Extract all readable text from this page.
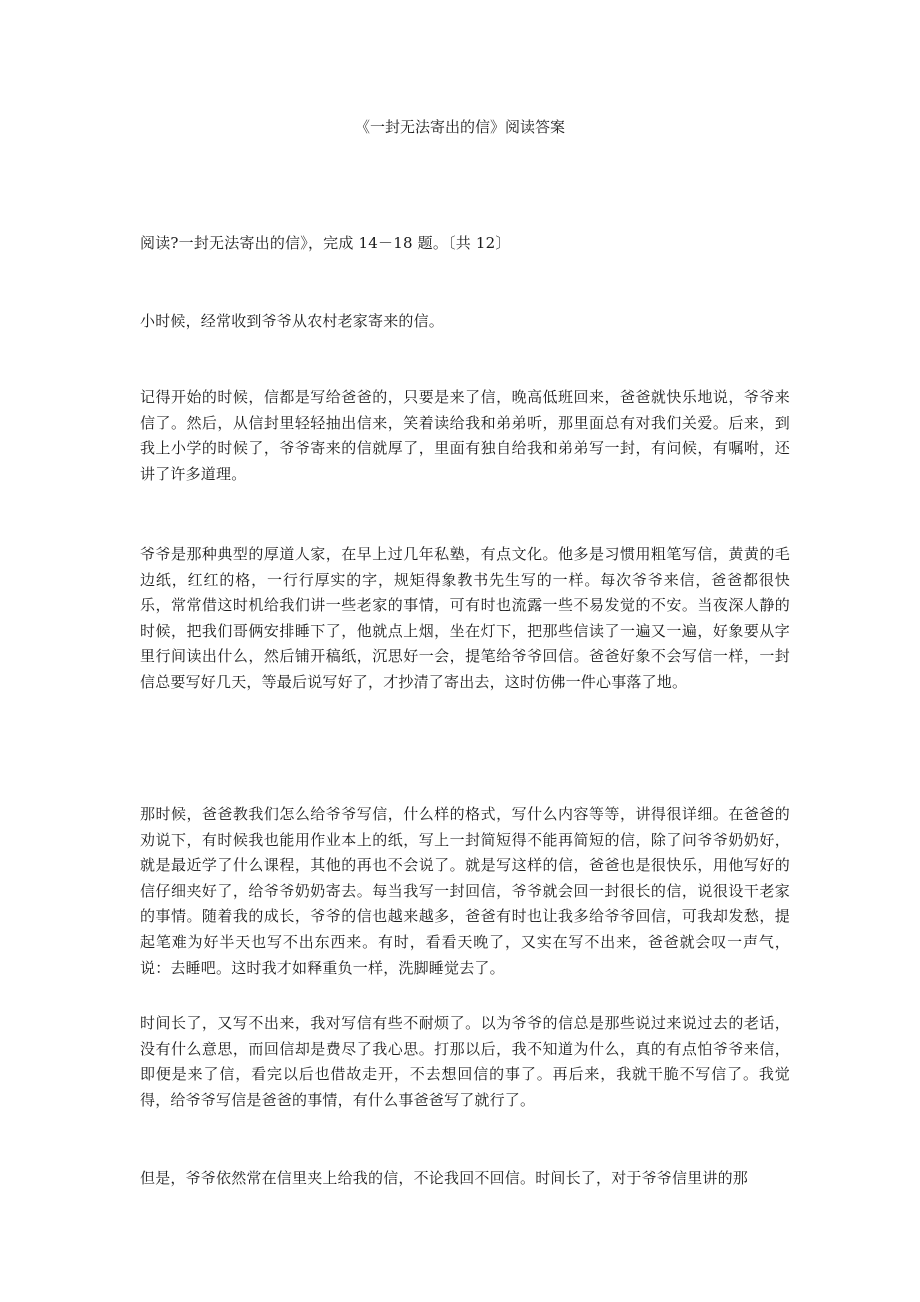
《一封无法寄出的信》阅读答案

阅读?一封无法寄出的信》，完成 14－18 题。〔共 12〕

小时候，经常收到爷爷从农村老家寄来的信。

记得开始的时候，信都是写给爸爸的，只要是来了信，晚高低班回来，爸爸就快乐地说，爷爷来信了。然后，从信封里轻轻抽出信来，笑着读给我和弟弟听，那里面总有对我们关爱。后来，到我上小学的时候了，爷爷寄来的信就厚了，里面有独自给我和弟弟写一封，有问候，有嘱咐，还讲了许多道理。

爷爷是那种典型的厚道人家，在早上过几年私塾，有点文化。他多是习惯用粗笔写信，黄黄的毛边纸，红红的格，一行行厚实的字，规矩得象教书先生写的一样。每次爷爷来信，爸爸都很快乐，常常借这时机给我们讲一些老家的事情，可有时也流露一些不易发觉的不安。当夜深人静的时候，把我们哥俩安排睡下了，他就点上烟，坐在灯下，把那些信读了一遍又一遍，好象要从字里行间读出什么，然后铺开稿纸，沉思好一会，提笔给爷爷回信。爸爸好象不会写信一样，一封信总要写好几天，等最后说写好了，才抄清了寄出去，这时仿佛一件心事落了地。

那时候，爸爸教我们怎么给爷爷写信，什么样的格式，写什么内容等等，讲得很详细。在爸爸的劝说下，有时候我也能用作业本上的纸，写上一封简短得不能再简短的信，除了问爷爷奶奶好，就是最近学了什么课程，其他的再也不会说了。就是写这样的信，爸爸也是很快乐，用他写好的信仔细夹好了，给爷爷奶奶寄去。每当我写一封回信，爷爷就会回一封很长的信，说很设干老家的事情。随着我的成长，爷爷的信也越来越多，爸爸有时也让我多给爷爷回信，可我却发愁，提起笔难为好半天也写不出东西来。有时，看看天晚了，又实在写不出来，爸爸就会叹一声气，说：去睡吧。这时我才如释重负一样，洗脚睡觉去了。

时间长了，又写不出来，我对写信有些不耐烦了。以为爷爷的信总是那些说过来说过去的老话，没有什么意思，而回信却是费尽了我心思。打那以后，我不知道为什么，真的有点怕爷爷来信，即便是来了信，看完以后也借故走开，不去想回信的事了。再后来，我就干脆不写信了。我觉得，给爷爷写信是爸爸的事情，有什么事爸爸写了就行了。

但是，爷爷依然常在信里夹上给我的信，不论我回不回信。时间长了，对于爷爷信里讲的那
